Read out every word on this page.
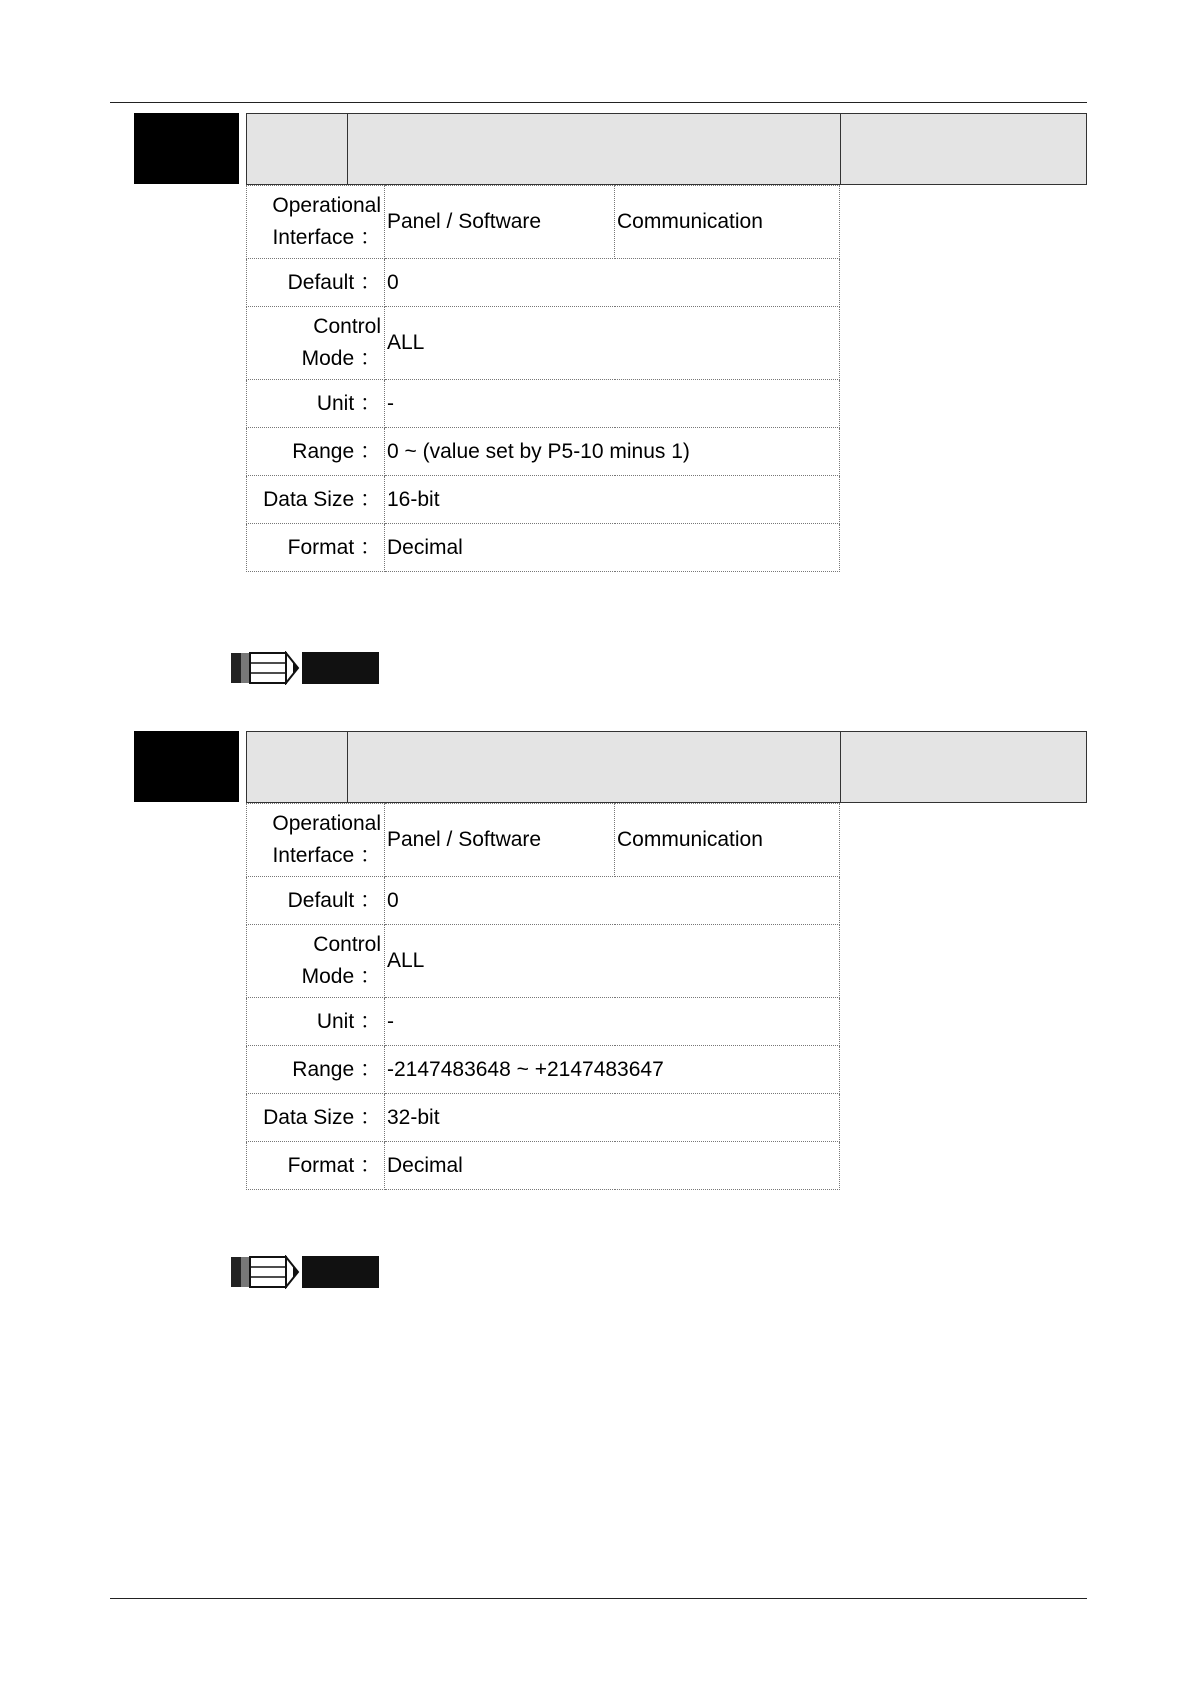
Operational
Interface ：	Panel / Software	Communication
Default ：	0	
Control
Mode ：	ALL	
Unit ：	-	
Range ：	0 ~ (value set by P5-10 minus 1)	
Data Size ：	16-bit	
Format ：	Decimal	
Operational
Interface ：	Panel / Software	Communication
Default ：	0	
Control
Mode ：	ALL	
Unit ：	-	
Range ：	-2147483648 ~ +2147483647	
Data Size ：	32-bit	
Format ：	Decimal	
